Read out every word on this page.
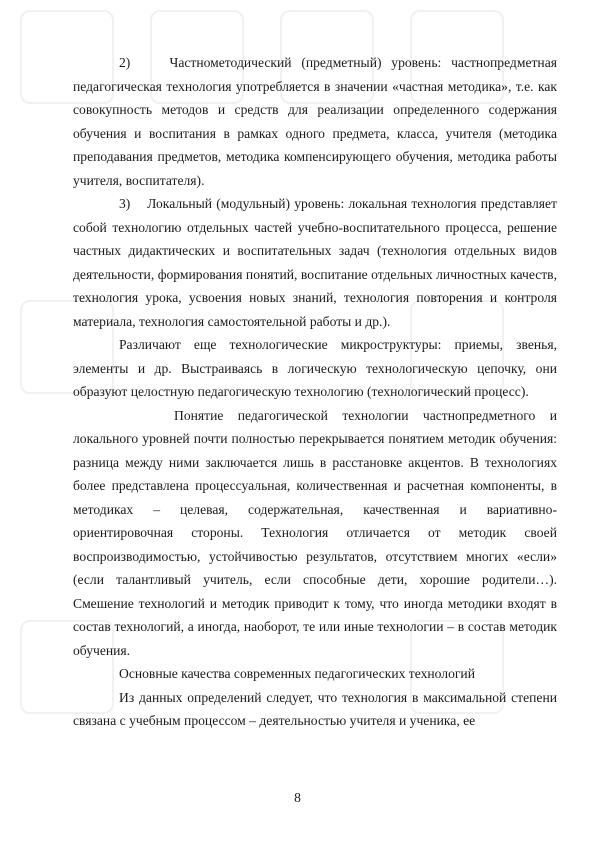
2)    Частнометодический (предметный) уровень: частнопредметная педагогическая технология употребляется в значении «частная методика», т.е. как совокупность методов и средств для реализации определенного содержания обучения и воспитания в рамках одного предмета, класса, учителя (методика преподавания предметов, методика компенсирующего обучения, методика работы учителя, воспитателя).

3)    Локальный (модульный) уровень: локальная технология представляет собой технологию отдельных частей учебно-воспитательного процесса, решение частных дидактических и воспитательных задач (технология отдельных видов деятельности, формирования понятий, воспитание отдельных личностных качеств, технология урока, усвоения новых знаний, технология повторения и контроля материала, технология самостоятельной работы и др.).

Различают еще технологические микроструктуры: приемы, звенья, элементы и др. Выстраиваясь в логическую технологическую цепочку, они образуют целостную педагогическую технологию (технологический процесс).

Понятие педагогической технологии частнопредметного и локального уровней почти полностью перекрывается понятием методик обучения: разница между ними заключается лишь в расстановке акцентов. В технологиях более представлена процессуальная, количественная и расчетная компоненты, в методиках – целевая, содержательная, качественная и вариативно-ориентировочная стороны. Технология отличается от методик своей воспроизводимостью, устойчивостью результатов, отсутствием многих «если» (если талантливый учитель, если способные дети, хорошие родители…). Смешение технологий и методик приводит к тому, что иногда методики входят в состав технологий, а иногда, наоборот, те или иные технологии – в состав методик обучения.

Основные качества современных педагогических технологий

Из данных определений следует, что технология в максимальной степени связана с учебным процессом – деятельностью учителя и ученика, ее

8
